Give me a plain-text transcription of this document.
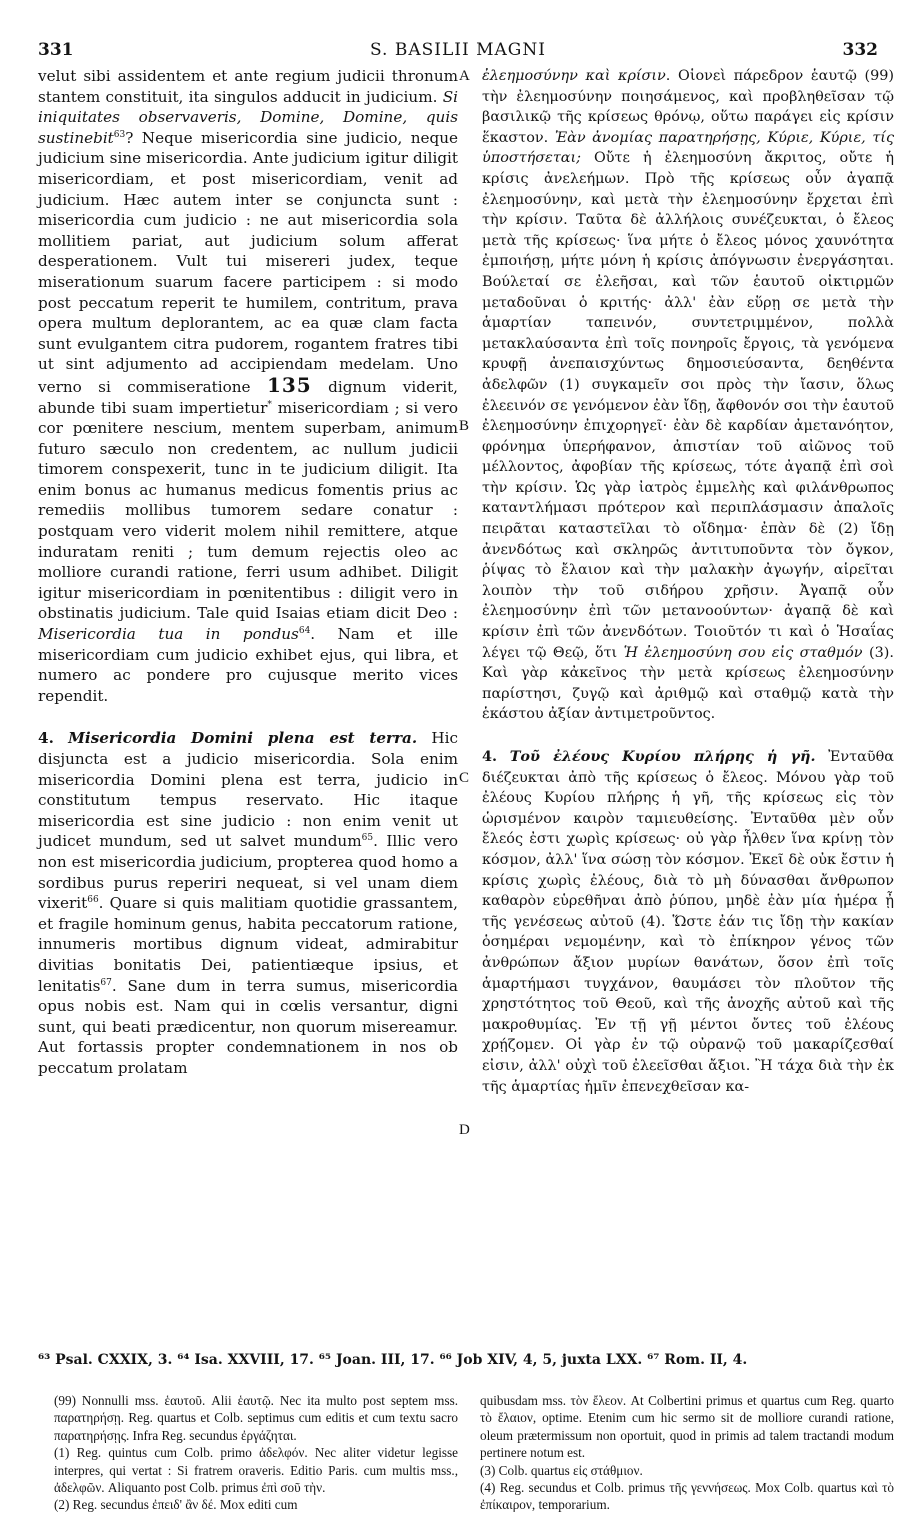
331	S. BASILII MAGNI	332

velut sibi assidentem et ante regium judicii thronum stantem constituit, ita singulos adducit in judicium. Si iniquitates observaveris, Domine, Domine, quis sustinebit$^{63}$? Neque misericordia sine judicio, neque judicium sine misericordia. Ante judicium igitur diligit misericordiam, et post misericordiam, venit ad judicium. Hæc autem inter se conjuncta sunt : misericordia cum judicio : ne aut misericordia sola mollitiem pariat, aut judicium solum afferat desperationem. Vult tui misereri judex, teque miserationum suarum facere participem : si modo post peccatum reperit te humilem, contritum, prava opera multum deplorantem, ac ea quæ clam facta sunt evulgantem citra pudorem, rogantem fratres tibi ut sint adjumento ad accipiendam medelam. Uno verno si commiseratione 135 dignum viderit, abunde tibi suam impertietur* misericordiam ; si vero cor pœnitere nescium, mentem superbam, animum futuro sæculo non credentem, ac nullum judicii timorem conspexerit, tunc in te judicium diligit. Ita enim bonus ac humanus medicus fomentis prius ac remediis mollibus tumorem sedare conatur : postquam vero viderit molem nihil remittere, atque induratam reniti ; tum demum rejectis oleo ac molliore curandi ratione, ferri usum adhibet. Diligit igitur misericordiam in pœnitentibus : diligit vero in obstinatis judicium. Tale quid Isaias etiam dicit Deo : Misericordia tua in pondus$^{64}$. Nam et ille misericordiam cum judicio exhibet ejus, qui libra, et numero ac pondere pro cujusque merito vices rependit.

4. Misericordia Domini plena est terra. Hic disjuncta est a judicio misericordia. Sola enim misericordia Domini plena est terra, judicio in constitutum tempus reservato. Hic itaque misericordia est sine judicio : non enim venit ut judicet mundum, sed ut salvet mundum$^{65}$. Illic vero non est misericordia judicium, propterea quod homo a sordibus purus reperiri nequeat, si vel unam diem vixerit$^{66}$. Quare si quis malitiam quotidie grassantem, et fragile hominum genus, habita peccatorum ratione, innumeris mortibus dignum videat, admirabitur divitias bonitatis Dei, patientiæque ipsius, et lenitatis$^{67}$. Sane dum in terra sumus, misericordia opus nobis est. Nam qui in cœlis versantur, digni sunt, qui beati prædicentur, non quorum misereamur. Aut fortassis propter condemnationem in nos ob peccatum prolatam

A
B
C
D

ἐλεημοσύνην καὶ κρίσιν. Οἱονεὶ πάρεδρον ἑαυτῷ (99) τὴν ἐλεημοσύνην ποιησάμενος, καὶ προβληθεῖσαν τῷ βασιλικῷ τῆς κρίσεως θρόνῳ, οὕτω παράγει εἰς κρίσιν ἕκαστον. Ἐὰν ἀνομίας παρατηρήσῃς, Κύριε, Κύριε, τίς ὑποστήσεται; Οὔτε ἡ ἐλεημοσύνη ἄκριτος, οὔτε ἡ κρίσις ἀνελεήμων. Πρὸ τῆς κρίσεως οὖν ἀγαπᾷ ἐλεημοσύνην, καὶ μετὰ τὴν ἐλεημοσύνην ἔρχεται ἐπὶ τὴν κρίσιν. Ταῦτα δὲ ἀλλήλοις συνέζευκται, ὁ ἔλεος μετὰ τῆς κρίσεως· ἵνα μήτε ὁ ἔλεος μόνος χαυνότητα ἐμποιήσῃ, μήτε μόνη ἡ κρίσις ἀπόγνωσιν ἐνεργάσηται. Βούλεταί σε ἐλεῆσαι, καὶ τῶν ἑαυτοῦ οἰκτιρμῶν μεταδοῦναι ὁ κριτής· ἀλλ' ἐὰν εὕρῃ σε μετὰ τὴν ἁμαρτίαν ταπεινόν, συντετριμμένον, πολλὰ μετακλαύσαντα ἐπὶ τοῖς πονηροῖς ἔργοις, τὰ γενόμενα κρυφῇ ἀνεπαισχύντως δημοσιεύσαντα, δεηθέντα ἀδελφῶν (1) συγκαμεῖν σοι πρὸς τὴν ἴασιν, ὅλως ἐλεεινόν σε γενόμενον ἐὰν ἴδῃ, ἄφθονόν σοι τὴν ἑαυτοῦ ἐλεημοσύνην ἐπιχορηγεῖ· ἐὰν δὲ καρδίαν ἀμετανόητον, φρόνημα ὑπερήφανον, ἀπιστίαν τοῦ αἰῶνος τοῦ μέλλοντος, ἀφοβίαν τῆς κρίσεως, τότε ἀγαπᾷ ἐπὶ σοὶ τὴν κρίσιν. Ὡς γὰρ ἰατρὸς ἐμμελὴς καὶ φιλάνθρωπος καταντλήμασι πρότερον καὶ περιπλάσμασιν ἀπαλοῖς πειρᾶται καταστεῖλαι τὸ οἴδημα· ἐπὰν δὲ (2) ἴδῃ ἀνενδότως καὶ σκληρῶς ἀντιτυποῦντα τὸν ὄγκον, ῥίψας τὸ ἔλαιον καὶ τὴν μαλακὴν ἀγωγήν, αἱρεῖται λοιπὸν τὴν τοῦ σιδήρου χρῆσιν. Ἀγαπᾷ οὖν ἐλεημοσύνην ἐπὶ τῶν μετανοούντων· ἀγαπᾷ δὲ καὶ κρίσιν ἐπὶ τῶν ἀνενδότων. Τοιοῦτόν τι καὶ ὁ Ἡσαΐας λέγει τῷ Θεῷ, ὅτι Ἡ ἐλεημοσύνη σου εἰς σταθμόν (3). Καὶ γὰρ κἀκεῖνος τὴν μετὰ κρίσεως ἐλεημοσύνην παρίστησι, ζυγῷ καὶ ἀριθμῷ καὶ σταθμῷ κατὰ τὴν ἑκάστου ἀξίαν ἀντιμετροῦντος.

4. Τοῦ ἐλέους Κυρίου πλήρης ἡ γῆ. Ἐνταῦθα διέζευκται ἀπὸ τῆς κρίσεως ὁ ἔλεος. Μόνου γὰρ τοῦ ἐλέους Κυρίου πλήρης ἡ γῆ, τῆς κρίσεως εἰς τὸν ὡρισμένον καιρὸν ταμιευθείσης. Ἐνταῦθα μὲν οὖν ἔλεός ἐστι χωρὶς κρίσεως· οὐ γὰρ ἦλθεν ἵνα κρίνῃ τὸν κόσμον, ἀλλ' ἵνα σώσῃ τὸν κόσμον. Ἐκεῖ δὲ οὐκ ἔστιν ἡ κρίσις χωρὶς ἐλέους, διὰ τὸ μὴ δύνασθαι ἄνθρωπον καθαρὸν εὑρεθῆναι ἀπὸ ῥύπου, μηδὲ ἐὰν μία ἡμέρα ᾖ τῆς γενέσεως αὐτοῦ (4). Ὥστε ἐάν τις ἴδῃ τὴν κακίαν ὁσημέραι νεμομένην, καὶ τὸ ἐπίκηρον γένος τῶν ἀνθρώπων ἄξιον μυρίων θανάτων, ὅσον ἐπὶ τοῖς ἁμαρτήμασι τυγχάνον, θαυμάσει τὸν πλοῦτον τῆς χρηστότητος τοῦ Θεοῦ, καὶ τῆς ἀνοχῆς αὐτοῦ καὶ τῆς μακροθυμίας. Ἐν τῇ γῇ μέντοι ὄντες τοῦ ἐλέους χρῄζομεν. Οἱ γὰρ ἐν τῷ οὐρανῷ τοῦ μακαρίζεσθαί εἰσιν, ἀλλ' οὐχὶ τοῦ ἐλεεῖσθαι ἄξιοι. Ἢ τάχα διὰ τὴν ἐκ τῆς ἁμαρτίας ἡμῖν ἐπενεχθεῖσαν κα-

⁶³ Psal. CXXIX, 3. ⁶⁴ Isa. XXVIII, 17. ⁶⁵ Joan. III, 17. ⁶⁶ Job XIV, 4, 5, juxta LXX. ⁶⁷ Rom. II, 4.

(99) Nonnulli mss. ἑαυτοῦ. Alii ἑαυτῷ. Nec ita multo post septem mss. παρατηρήσῃ. Reg. quartus et Colb. septimus cum editis et cum textu sacro παρατηρήσῃς. Infra Reg. secundus ἐργάζηται.

(1) Reg. quintus cum Colb. primo ἀδελφόν. Nec aliter videtur legisse interpres, qui vertat : Si fratrem oraveris. Editio Paris. cum multis mss., ἀδελφῶν. Aliquanto post Colb. primus ἐπὶ σοῦ τὴν.

(2) Reg. secundus ἐπειδ' ἂν δέ. Mox editi cum

quibusdam mss. τὸν ἔλεον. At Colbertini primus et quartus cum Reg. quarto τὸ ἔλαιον, optime. Etenim cum hic sermo sit de molliore curandi ratione, oleum prætermissum non oportuit, quod in primis ad talem tractandi modum pertinere notum est.

(3) Colb. quartus εἰς στάθμιον.

(4) Reg. secundus et Colb. primus τῆς γεννήσεως. Mox Colb. quartus καὶ τὸ ἐπίκαιρον, temporarium.
